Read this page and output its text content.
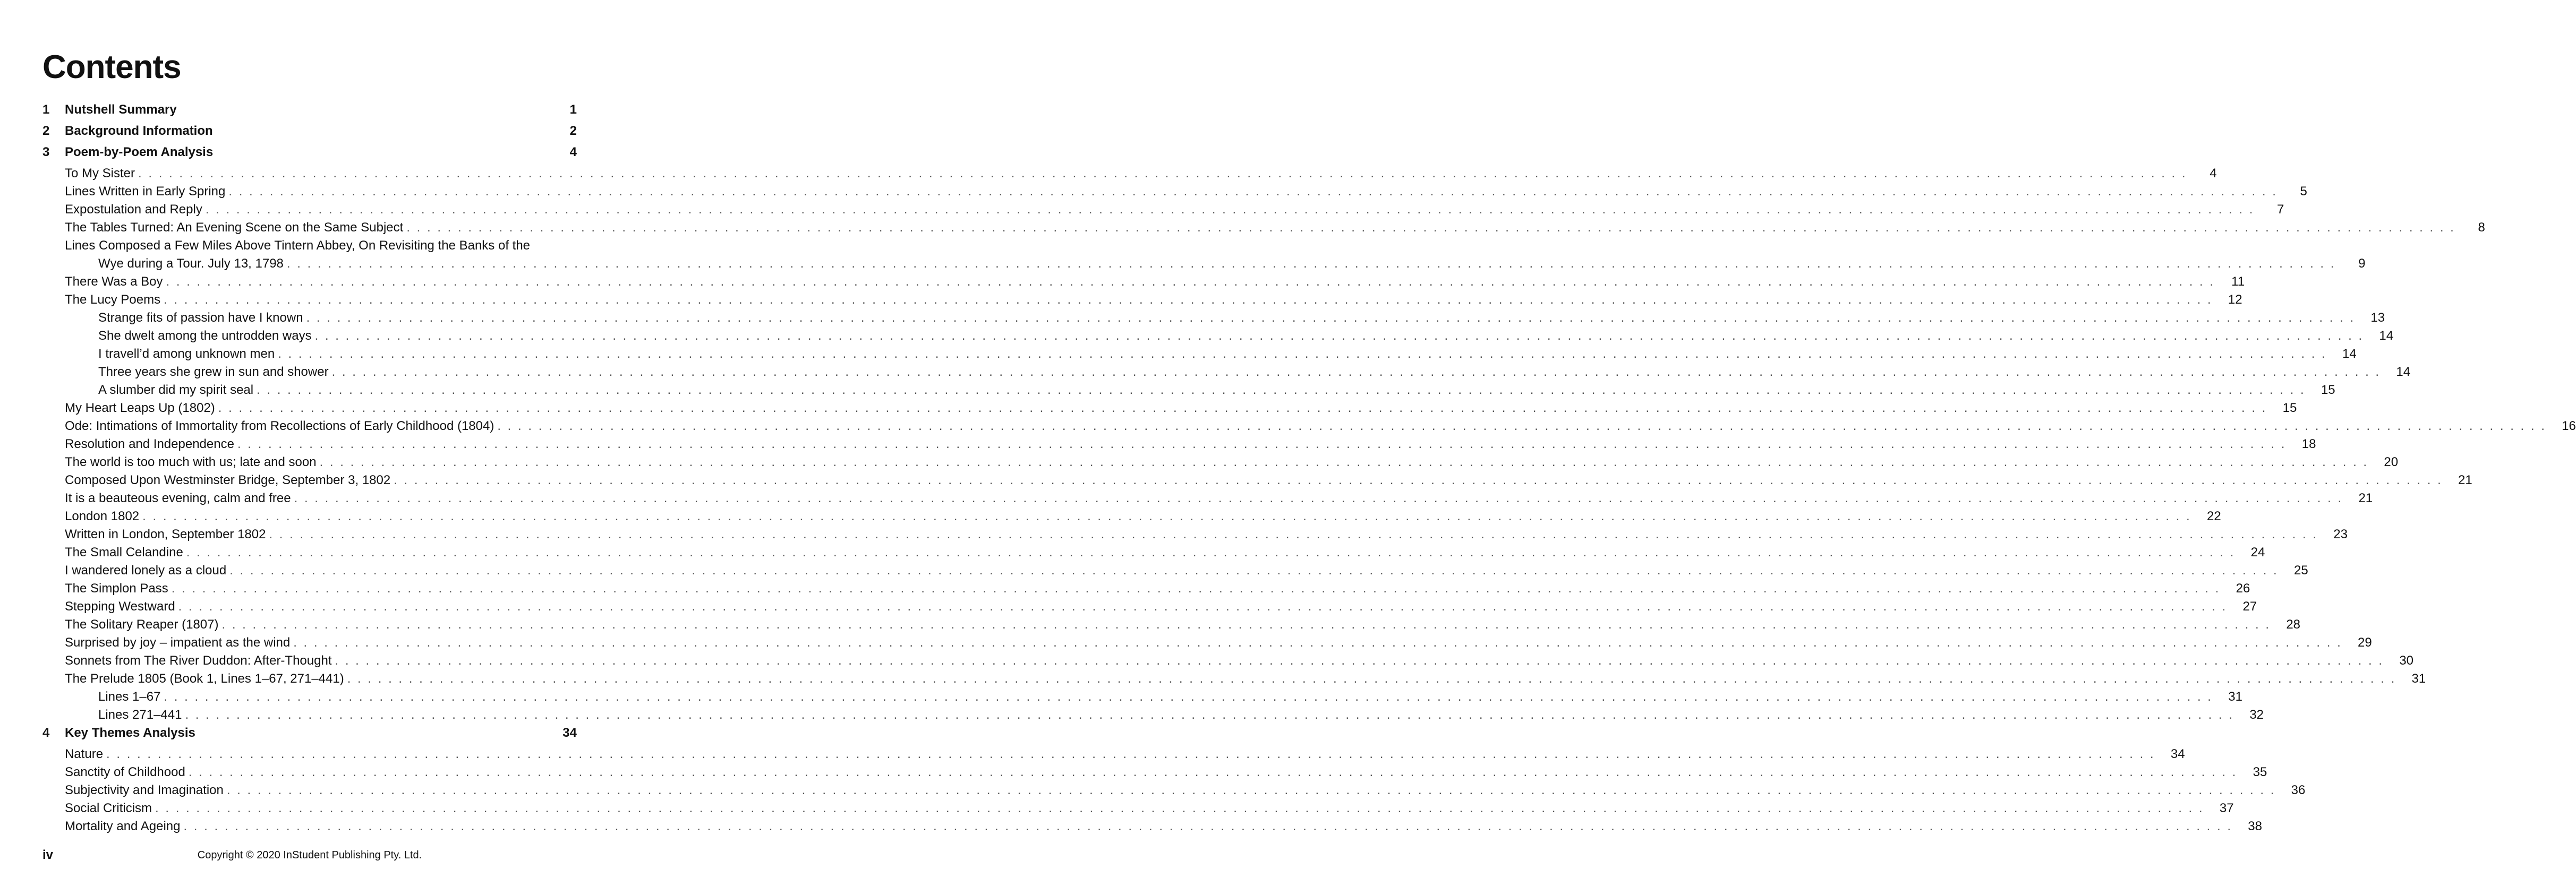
Contents
1	Nutshell Summary	1
2	Background Information	2
3	Poem-by-Poem Analysis	4
To My Sister . . . . . . . . . . . . . . . . . . . . . . . . . . . . . . . . . . . . . . . . . . . . . . . . . . . . . . . . . . . . . . . . . . . . . . . . . . . . . . . . . . . . . . . . . . . . . . . . . . . . . . . . . . . . . . . . . . . . . . . . . . . . . . . . . . . . . . . . . . . . . . . . . . . . . . . . . . . . . . . . . . . . . . . . . . . . . . . . . . . . . . . . . . . . . . . . . . . . . . . .	4
Lines Written in Early Spring . . . . . . . . . . . . . . . . . . . . . . . . . . . . . . . . . . . . . . . . . . . . . . . . . . . . . . . . . . . . . . . . . . . . . . . . . . . . . . . . . . . . . . . . . . . . . . . . . . . . . . . . . . . . . . . . . . . . . . . . . . . . . . . . . . . . . . . . . . . . . . . . . . . . . . . . . . . . . . . . . . . . . . . . . . . . . . . . . . . . . . . . . . . . . . . . . . . . . . . .	5
Expostulation and Reply . . . . . . . . . . . . . . . . . . . . . . . . . . . . . . . . . . . . . . . . . . . . . . . . . . . . . . . . . . . . . . . . . . . . . . . . . . . . . . . . . . . . . . . . . . . . . . . . . . . . . . . . . . . . . . . . . . . . . . . . . . . . . . . . . . . . . . . . . . . . . . . . . . . . . . . . . . . . . . . . . . . . . . . . . . . . . . . . . . . . . . . . . . . . . . . . . . . . . . . .	7
The Tables Turned: An Evening Scene on the Same Subject . . . . . . . . . . . . . . . . . . . . . . . . . . . . . . . . . . . . . . . . . . . . . . . . . . . . . . . . . . . . . . . . . . . . . . . . . . . . . . . . . . . . . . . . . . . . . . . . . . . . . . . . . . . . . . . . . . . . . . . . . . . . . . . . . . . . . . . . . . . . . . . . . . . . . . . . . . . . . . . . . . . . . . . . . . . . . . . . . . . . . . . . . . . . . . . . . . . . . . . .	8
Lines Composed a Few Miles Above Tintern Abbey, On Revisiting the Banks of the
Wye during a Tour. July 13, 1798 . . . . . . . . . . . . . . . . . . . . . . . . . . . . . . . . . . . . . . . . . . . . . . . . . . . . . . . . . . . . . . . . . . . . . . . . . . . . . . . . . . . . . . . . . . . . . . . . . . . . . . . . . . . . . . . . . . . . . . . . . . . . . . . . . . . . . . . . . . . . . . . . . . . . . . . . . . . . . . . . . . . . . . . . . . . . . . . . . . . . . . . . . . . . . . . . . . . . . . . .	9
There Was a Boy . . . . . . . . . . . . . . . . . . . . . . . . . . . . . . . . . . . . . . . . . . . . . . . . . . . . . . . . . . . . . . . . . . . . . . . . . . . . . . . . . . . . . . . . . . . . . . . . . . . . . . . . . . . . . . . . . . . . . . . . . . . . . . . . . . . . . . . . . . . . . . . . . . . . . . . . . . . . . . . . . . . . . . . . . . . . . . . . . . . . . . . . . . . . . . . . . . . . . . . .	11
The Lucy Poems . . . . . . . . . . . . . . . . . . . . . . . . . . . . . . . . . . . . . . . . . . . . . . . . . . . . . . . . . . . . . . . . . . . . . . . . . . . . . . . . . . . . . . . . . . . . . . . . . . . . . . . . . . . . . . . . . . . . . . . . . . . . . . . . . . . . . . . . . . . . . . . . . . . . . . . . . . . . . . . . . . . . . . . . . . . . . . . . . . . . . . . . . . . . . . . . . . . . . . . .	12
Strange fits of passion have I known . . . . . . . . . . . . . . . . . . . . . . . . . . . . . . . . . . . . . . . . . . . . . . . . . . . . . . . . . . . . . . . . . . . . . . . . . . . . . . . . . . . . . . . . . . . . . . . . . . . . . . . . . . . . . . . . . . . . . . . . . . . . . . . . . . . . . . . . . . . . . . . . . . . . . . . . . . . . . . . . . . . . . . . . . . . . . . . . . . . . . . . . . . . . . . . . . . . . . . . .	13
She dwelt among the untrodden ways . . . . . . . . . . . . . . . . . . . . . . . . . . . . . . . . . . . . . . . . . . . . . . . . . . . . . . . . . . . . . . . . . . . . . . . . . . . . . . . . . . . . . . . . . . . . . . . . . . . . . . . . . . . . . . . . . . . . . . . . . . . . . . . . . . . . . . . . . . . . . . . . . . . . . . . . . . . . . . . . . . . . . . . . . . . . . . . . . . . . . . . . . . . . . . . . . . . . . . . .	14
I travell’d among unknown men . . . . . . . . . . . . . . . . . . . . . . . . . . . . . . . . . . . . . . . . . . . . . . . . . . . . . . . . . . . . . . . . . . . . . . . . . . . . . . . . . . . . . . . . . . . . . . . . . . . . . . . . . . . . . . . . . . . . . . . . . . . . . . . . . . . . . . . . . . . . . . . . . . . . . . . . . . . . . . . . . . . . . . . . . . . . . . . . . . . . . . . . . . . . . . . . . . . . . . . .	14
Three years she grew in sun and shower . . . . . . . . . . . . . . . . . . . . . . . . . . . . . . . . . . . . . . . . . . . . . . . . . . . . . . . . . . . . . . . . . . . . . . . . . . . . . . . . . . . . . . . . . . . . . . . . . . . . . . . . . . . . . . . . . . . . . . . . . . . . . . . . . . . . . . . . . . . . . . . . . . . . . . . . . . . . . . . . . . . . . . . . . . . . . . . . . . . . . . . . . . . . . . . . . . . . . . . .	14
A slumber did my spirit seal . . . . . . . . . . . . . . . . . . . . . . . . . . . . . . . . . . . . . . . . . . . . . . . . . . . . . . . . . . . . . . . . . . . . . . . . . . . . . . . . . . . . . . . . . . . . . . . . . . . . . . . . . . . . . . . . . . . . . . . . . . . . . . . . . . . . . . . . . . . . . . . . . . . . . . . . . . . . . . . . . . . . . . . . . . . . . . . . . . . . . . . . . . . . . . . . . . . . . . . .	15
My Heart Leaps Up (1802) . . . . . . . . . . . . . . . . . . . . . . . . . . . . . . . . . . . . . . . . . . . . . . . . . . . . . . . . . . . . . . . . . . . . . . . . . . . . . . . . . . . . . . . . . . . . . . . . . . . . . . . . . . . . . . . . . . . . . . . . . . . . . . . . . . . . . . . . . . . . . . . . . . . . . . . . . . . . . . . . . . . . . . . . . . . . . . . . . . . . . . . . . . . . . . . . . . . . . . . .	15
Ode: Intimations of Immortality from Recollections of Early Childhood (1804) . . . . . . . . . . . . . . . . . . . . . . . . . . . . . . . . . . . . . . . . . . . . . . . . . . . . . . . . . . . . . . . . . . . . . . . . . . . . . . . . . . . . . . . . . . . . . . . . . . . . . . . . . . . . . . . . . . . . . . . . . . . . . . . . . . . . . . . . . . . . . . . . . . . . . . . . . . . . . . . . . . . . . . . . . . . . . . . . . . . . . . . . . . . . . . . . . . . . . . . .	16
Resolution and Independence . . . . . . . . . . . . . . . . . . . . . . . . . . . . . . . . . . . . . . . . . . . . . . . . . . . . . . . . . . . . . . . . . . . . . . . . . . . . . . . . . . . . . . . . . . . . . . . . . . . . . . . . . . . . . . . . . . . . . . . . . . . . . . . . . . . . . . . . . . . . . . . . . . . . . . . . . . . . . . . . . . . . . . . . . . . . . . . . . . . . . . . . . . . . . . . . . . . . . . . .	18
The world is too much with us; late and soon . . . . . . . . . . . . . . . . . . . . . . . . . . . . . . . . . . . . . . . . . . . . . . . . . . . . . . . . . . . . . . . . . . . . . . . . . . . . . . . . . . . . . . . . . . . . . . . . . . . . . . . . . . . . . . . . . . . . . . . . . . . . . . . . . . . . . . . . . . . . . . . . . . . . . . . . . . . . . . . . . . . . . . . . . . . . . . . . . . . . . . . . . . . . . . . . . . . . . . . .	20
Composed Upon Westminster Bridge, September 3, 1802 . . . . . . . . . . . . . . . . . . . . . . . . . . . . . . . . . . . . . . . . . . . . . . . . . . . . . . . . . . . . . . . . . . . . . . . . . . . . . . . . . . . . . . . . . . . . . . . . . . . . . . . . . . . . . . . . . . . . . . . . . . . . . . . . . . . . . . . . . . . . . . . . . . . . . . . . . . . . . . . . . . . . . . . . . . . . . . . . . . . . . . . . . . . . . . . . . . . . . . . .	21
It is a beauteous evening, calm and free . . . . . . . . . . . . . . . . . . . . . . . . . . . . . . . . . . . . . . . . . . . . . . . . . . . . . . . . . . . . . . . . . . . . . . . . . . . . . . . . . . . . . . . . . . . . . . . . . . . . . . . . . . . . . . . . . . . . . . . . . . . . . . . . . . . . . . . . . . . . . . . . . . . . . . . . . . . . . . . . . . . . . . . . . . . . . . . . . . . . . . . . . . . . . . . . . . . . . . . .	21
London 1802 . . . . . . . . . . . . . . . . . . . . . . . . . . . . . . . . . . . . . . . . . . . . . . . . . . . . . . . . . . . . . . . . . . . . . . . . . . . . . . . . . . . . . . . . . . . . . . . . . . . . . . . . . . . . . . . . . . . . . . . . . . . . . . . . . . . . . . . . . . . . . . . . . . . . . . . . . . . . . . . . . . . . . . . . . . . . . . . . . . . . . . . . . . . . . . . . . . . . . . . .	22
Written in London, September 1802 . . . . . . . . . . . . . . . . . . . . . . . . . . . . . . . . . . . . . . . . . . . . . . . . . . . . . . . . . . . . . . . . . . . . . . . . . . . . . . . . . . . . . . . . . . . . . . . . . . . . . . . . . . . . . . . . . . . . . . . . . . . . . . . . . . . . . . . . . . . . . . . . . . . . . . . . . . . . . . . . . . . . . . . . . . . . . . . . . . . . . . . . . . . . . . . . . . . . . . . .	23
The Small Celandine . . . . . . . . . . . . . . . . . . . . . . . . . . . . . . . . . . . . . . . . . . . . . . . . . . . . . . . . . . . . . . . . . . . . . . . . . . . . . . . . . . . . . . . . . . . . . . . . . . . . . . . . . . . . . . . . . . . . . . . . . . . . . . . . . . . . . . . . . . . . . . . . . . . . . . . . . . . . . . . . . . . . . . . . . . . . . . . . . . . . . . . . . . . . . . . . . . . . . . . .	24
I wandered lonely as a cloud . . . . . . . . . . . . . . . . . . . . . . . . . . . . . . . . . . . . . . . . . . . . . . . . . . . . . . . . . . . . . . . . . . . . . . . . . . . . . . . . . . . . . . . . . . . . . . . . . . . . . . . . . . . . . . . . . . . . . . . . . . . . . . . . . . . . . . . . . . . . . . . . . . . . . . . . . . . . . . . . . . . . . . . . . . . . . . . . . . . . . . . . . . . . . . . . . . . . . . . .	25
The Simplon Pass . . . . . . . . . . . . . . . . . . . . . . . . . . . . . . . . . . . . . . . . . . . . . . . . . . . . . . . . . . . . . . . . . . . . . . . . . . . . . . . . . . . . . . . . . . . . . . . . . . . . . . . . . . . . . . . . . . . . . . . . . . . . . . . . . . . . . . . . . . . . . . . . . . . . . . . . . . . . . . . . . . . . . . . . . . . . . . . . . . . . . . . . . . . . . . . . . . . . . . . .	26
Stepping Westward . . . . . . . . . . . . . . . . . . . . . . . . . . . . . . . . . . . . . . . . . . . . . . . . . . . . . . . . . . . . . . . . . . . . . . . . . . . . . . . . . . . . . . . . . . . . . . . . . . . . . . . . . . . . . . . . . . . . . . . . . . . . . . . . . . . . . . . . . . . . . . . . . . . . . . . . . . . . . . . . . . . . . . . . . . . . . . . . . . . . . . . . . . . . . . . . . . . . . . . .	27
The Solitary Reaper (1807) . . . . . . . . . . . . . . . . . . . . . . . . . . . . . . . . . . . . . . . . . . . . . . . . . . . . . . . . . . . . . . . . . . . . . . . . . . . . . . . . . . . . . . . . . . . . . . . . . . . . . . . . . . . . . . . . . . . . . . . . . . . . . . . . . . . . . . . . . . . . . . . . . . . . . . . . . . . . . . . . . . . . . . . . . . . . . . . . . . . . . . . . . . . . . . . . . . . . . . . .	28
Surprised by joy – impatient as the wind . . . . . . . . . . . . . . . . . . . . . . . . . . . . . . . . . . . . . . . . . . . . . . . . . . . . . . . . . . . . . . . . . . . . . . . . . . . . . . . . . . . . . . . . . . . . . . . . . . . . . . . . . . . . . . . . . . . . . . . . . . . . . . . . . . . . . . . . . . . . . . . . . . . . . . . . . . . . . . . . . . . . . . . . . . . . . . . . . . . . . . . . . . . . . . . . . . . . . . . .	29
Sonnets from The River Duddon: After-Thought . . . . . . . . . . . . . . . . . . . . . . . . . . . . . . . . . . . . . . . . . . . . . . . . . . . . . . . . . . . . . . . . . . . . . . . . . . . . . . . . . . . . . . . . . . . . . . . . . . . . . . . . . . . . . . . . . . . . . . . . . . . . . . . . . . . . . . . . . . . . . . . . . . . . . . . . . . . . . . . . . . . . . . . . . . . . . . . . . . . . . . . . . . . . . . . . . . . . . . . .	30
The Prelude 1805 (Book 1, Lines 1–67, 271–441) . . . . . . . . . . . . . . . . . . . . . . . . . . . . . . . . . . . . . . . . . . . . . . . . . . . . . . . . . . . . . . . . . . . . . . . . . . . . . . . . . . . . . . . . . . . . . . . . . . . . . . . . . . . . . . . . . . . . . . . . . . . . . . . . . . . . . . . . . . . . . . . . . . . . . . . . . . . . . . . . . . . . . . . . . . . . . . . . . . . . . . . . . . . . . . . . . . . . . . . .	31
Lines 1–67 . . . . . . . . . . . . . . . . . . . . . . . . . . . . . . . . . . . . . . . . . . . . . . . . . . . . . . . . . . . . . . . . . . . . . . . . . . . . . . . . . . . . . . . . . . . . . . . . . . . . . . . . . . . . . . . . . . . . . . . . . . . . . . . . . . . . . . . . . . . . . . . . . . . . . . . . . . . . . . . . . . . . . . . . . . . . . . . . . . . . . . . . . . . . . . . . . . . . . . . .	31
Lines 271–441 . . . . . . . . . . . . . . . . . . . . . . . . . . . . . . . . . . . . . . . . . . . . . . . . . . . . . . . . . . . . . . . . . . . . . . . . . . . . . . . . . . . . . . . . . . . . . . . . . . . . . . . . . . . . . . . . . . . . . . . . . . . . . . . . . . . . . . . . . . . . . . . . . . . . . . . . . . . . . . . . . . . . . . . . . . . . . . . . . . . . . . . . . . . . . . . . . . . . . . . .	32
4	Key Themes Analysis	34
Nature . . . . . . . . . . . . . . . . . . . . . . . . . . . . . . . . . . . . . . . . . . . . . . . . . . . . . . . . . . . . . . . . . . . . . . . . . . . . . . . . . . . . . . . . . . . . . . . . . . . . . . . . . . . . . . . . . . . . . . . . . . . . . . . . . . . . . . . . . . . . . . . . . . . . . . . . . . . . . . . . . . . . . . . . . . . . . . . . . . . . . . . . . . . . . . . . . . . . . . . .	34
Sanctity of Childhood . . . . . . . . . . . . . . . . . . . . . . . . . . . . . . . . . . . . . . . . . . . . . . . . . . . . . . . . . . . . . . . . . . . . . . . . . . . . . . . . . . . . . . . . . . . . . . . . . . . . . . . . . . . . . . . . . . . . . . . . . . . . . . . . . . . . . . . . . . . . . . . . . . . . . . . . . . . . . . . . . . . . . . . . . . . . . . . . . . . . . . . . . . . . . . . . . . . . . . . .	35
Subjectivity and Imagination . . . . . . . . . . . . . . . . . . . . . . . . . . . . . . . . . . . . . . . . . . . . . . . . . . . . . . . . . . . . . . . . . . . . . . . . . . . . . . . . . . . . . . . . . . . . . . . . . . . . . . . . . . . . . . . . . . . . . . . . . . . . . . . . . . . . . . . . . . . . . . . . . . . . . . . . . . . . . . . . . . . . . . . . . . . . . . . . . . . . . . . . . . . . . . . . . . . . . . . .	36
Social Criticism . . . . . . . . . . . . . . . . . . . . . . . . . . . . . . . . . . . . . . . . . . . . . . . . . . . . . . . . . . . . . . . . . . . . . . . . . . . . . . . . . . . . . . . . . . . . . . . . . . . . . . . . . . . . . . . . . . . . . . . . . . . . . . . . . . . . . . . . . . . . . . . . . . . . . . . . . . . . . . . . . . . . . . . . . . . . . . . . . . . . . . . . . . . . . . . . . . . . . . . .	37
Mortality and Ageing . . . . . . . . . . . . . . . . . . . . . . . . . . . . . . . . . . . . . . . . . . . . . . . . . . . . . . . . . . . . . . . . . . . . . . . . . . . . . . . . . . . . . . . . . . . . . . . . . . . . . . . . . . . . . . . . . . . . . . . . . . . . . . . . . . . . . . . . . . . . . . . . . . . . . . . . . . . . . . . . . . . . . . . . . . . . . . . . . . . . . . . . . . . . . . . . . . . . . . . .	38
iv	Copyright © 2020 InStudent Publishing Pty. Ltd.
